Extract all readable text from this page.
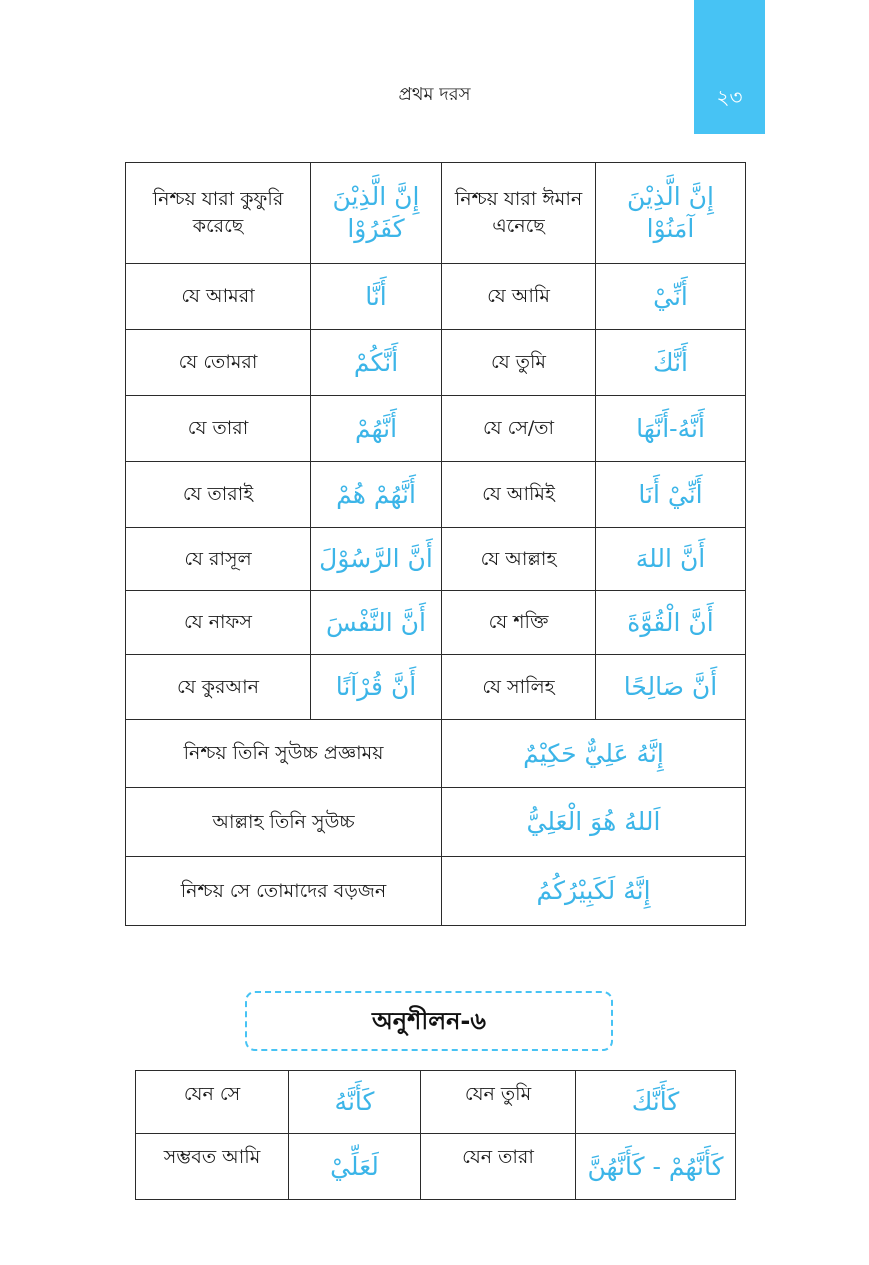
প্রথম দরস	২৩
নিশ্চয় যারা কুফুরি করেছে	إِنَّ الَّذِيْنَ كَفَرُوْا	নিশ্চয় যারা ঈমান এনেছে	إِنَّ الَّذِيْنَ آمَنُوْا
যে আমরা	أَنَّا	যে আমি	أَنِّيْ
যে তোমরা	أَنَّكُمْ	যে তুমি	أَنَّكَ
যে তারা	أَنَّهُمْ	যে সে/তা	أَنَّهُ-أَنَّهَا
যে তারাই	أَنَّهُمْ هُمْ	যে আমিই	أَنِّيْ أَنَا
যে রাসূল	أَنَّ الرَّسُوْلَ	যে আল্লাহ	أَنَّ اللهَ
যে নাফস	أَنَّ النَّفْسَ	যে শক্তি	أَنَّ الْقُوَّةَ
যে কুরআন	أَنَّ قُرْآنًا	যে সালিহ	أَنَّ صَالِحًا
নিশ্চয় তিনি সুউচ্চ প্রজ্ঞাময়		إِنَّهُ عَلِيٌّ حَكِيْمٌ	
আল্লাহ তিনি সুউচ্চ		اَللهُ هُوَ الْعَلِيُّ	
নিশ্চয় সে তোমাদের বড়জন		إِنَّهُ لَكَبِيْرُكُمُ	
অনুশীলন-৬
যেন সে	كَأَنَّهُ	যেন তুমি	كَأَنَّكَ
সম্ভবত আমি	لَعَلِّيْ	যেন তারা	كَأَنَّهُمْ - كَأَنَّهُنَّ
